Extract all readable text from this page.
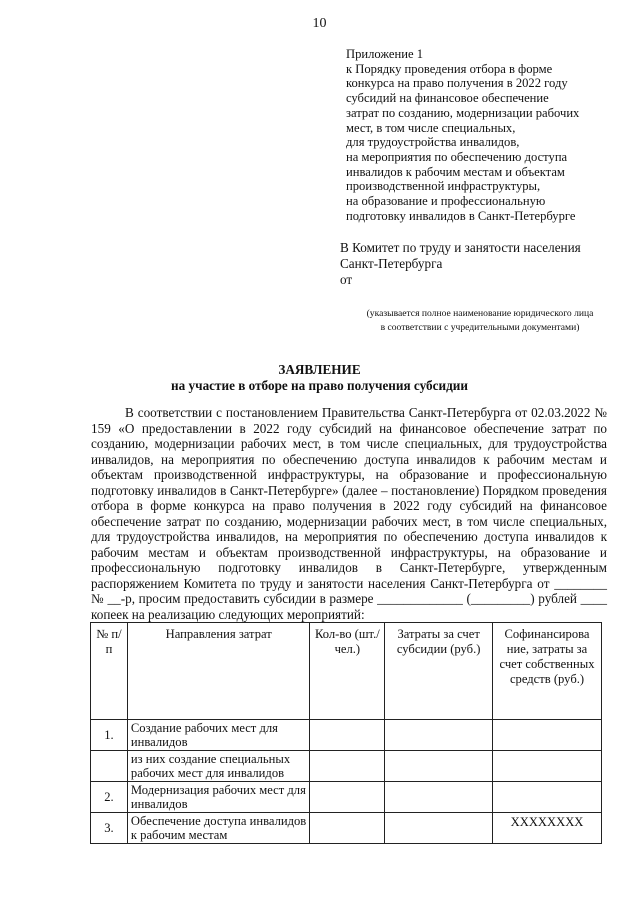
10
Приложение 1
к Порядку проведения отбора в форме
конкурса на право получения в 2022 году
субсидий на финансовое обеспечение
затрат по созданию, модернизации рабочих
мест, в том числе специальных,
для трудоустройства инвалидов,
на мероприятия по обеспечению доступа
инвалидов к рабочим местам и объектам
производственной инфраструктуры,
на образование и профессиональную
подготовку инвалидов в Санкт-Петербурге
В Комитет по труду и занятости населения
Санкт-Петербурга
от
(указывается полное наименование юридического лица
в соответствии с учредительными документами)
ЗАЯВЛЕНИЕ
на участие в отборе на право получения субсидии
В соответствии с постановлением Правительства Санкт-Петербурга от 02.03.2022 № 159 «О предоставлении в 2022 году субсидий на финансовое обеспечение затрат по созданию, модернизации рабочих мест, в том числе специальных, для трудоустройства инвалидов, на мероприятия по обеспечению доступа инвалидов к рабочим местам и объектам производственной инфраструктуры, на образование и профессиональную подготовку инвалидов в Санкт-Петербурге» (далее – постановление) Порядком проведения отбора в форме конкурса на право получения в 2022 году субсидий на финансовое обеспечение затрат по созданию, модернизации рабочих мест, в том числе специальных, для трудоустройства инвалидов, на мероприятия по обеспечению доступа инвалидов к рабочим местам и объектам производственной инфраструктуры, на образование и профессиональную подготовку инвалидов в Санкт-Петербурге, утвержденным распоряжением Комитета по труду и занятости населения Санкт-Петербурга от ________ № __-р, просим предоставить субсидии в размере _____________ (_________) рублей ____ копеек на реализацию следующих мероприятий:
№ п/п	Направления затрат	Кол-во (шт./чел.)	Затраты за счет субсидии (руб.)	Софинансирова ние, затраты за счет собственных средств (руб.)
1.	Создание рабочих мест для инвалидов			
	из них создание специальных рабочих мест для инвалидов			
2.	Модернизация рабочих мест для инвалидов			
3.	Обеспечение доступа инвалидов к рабочим местам			ХХХХХХХХ
